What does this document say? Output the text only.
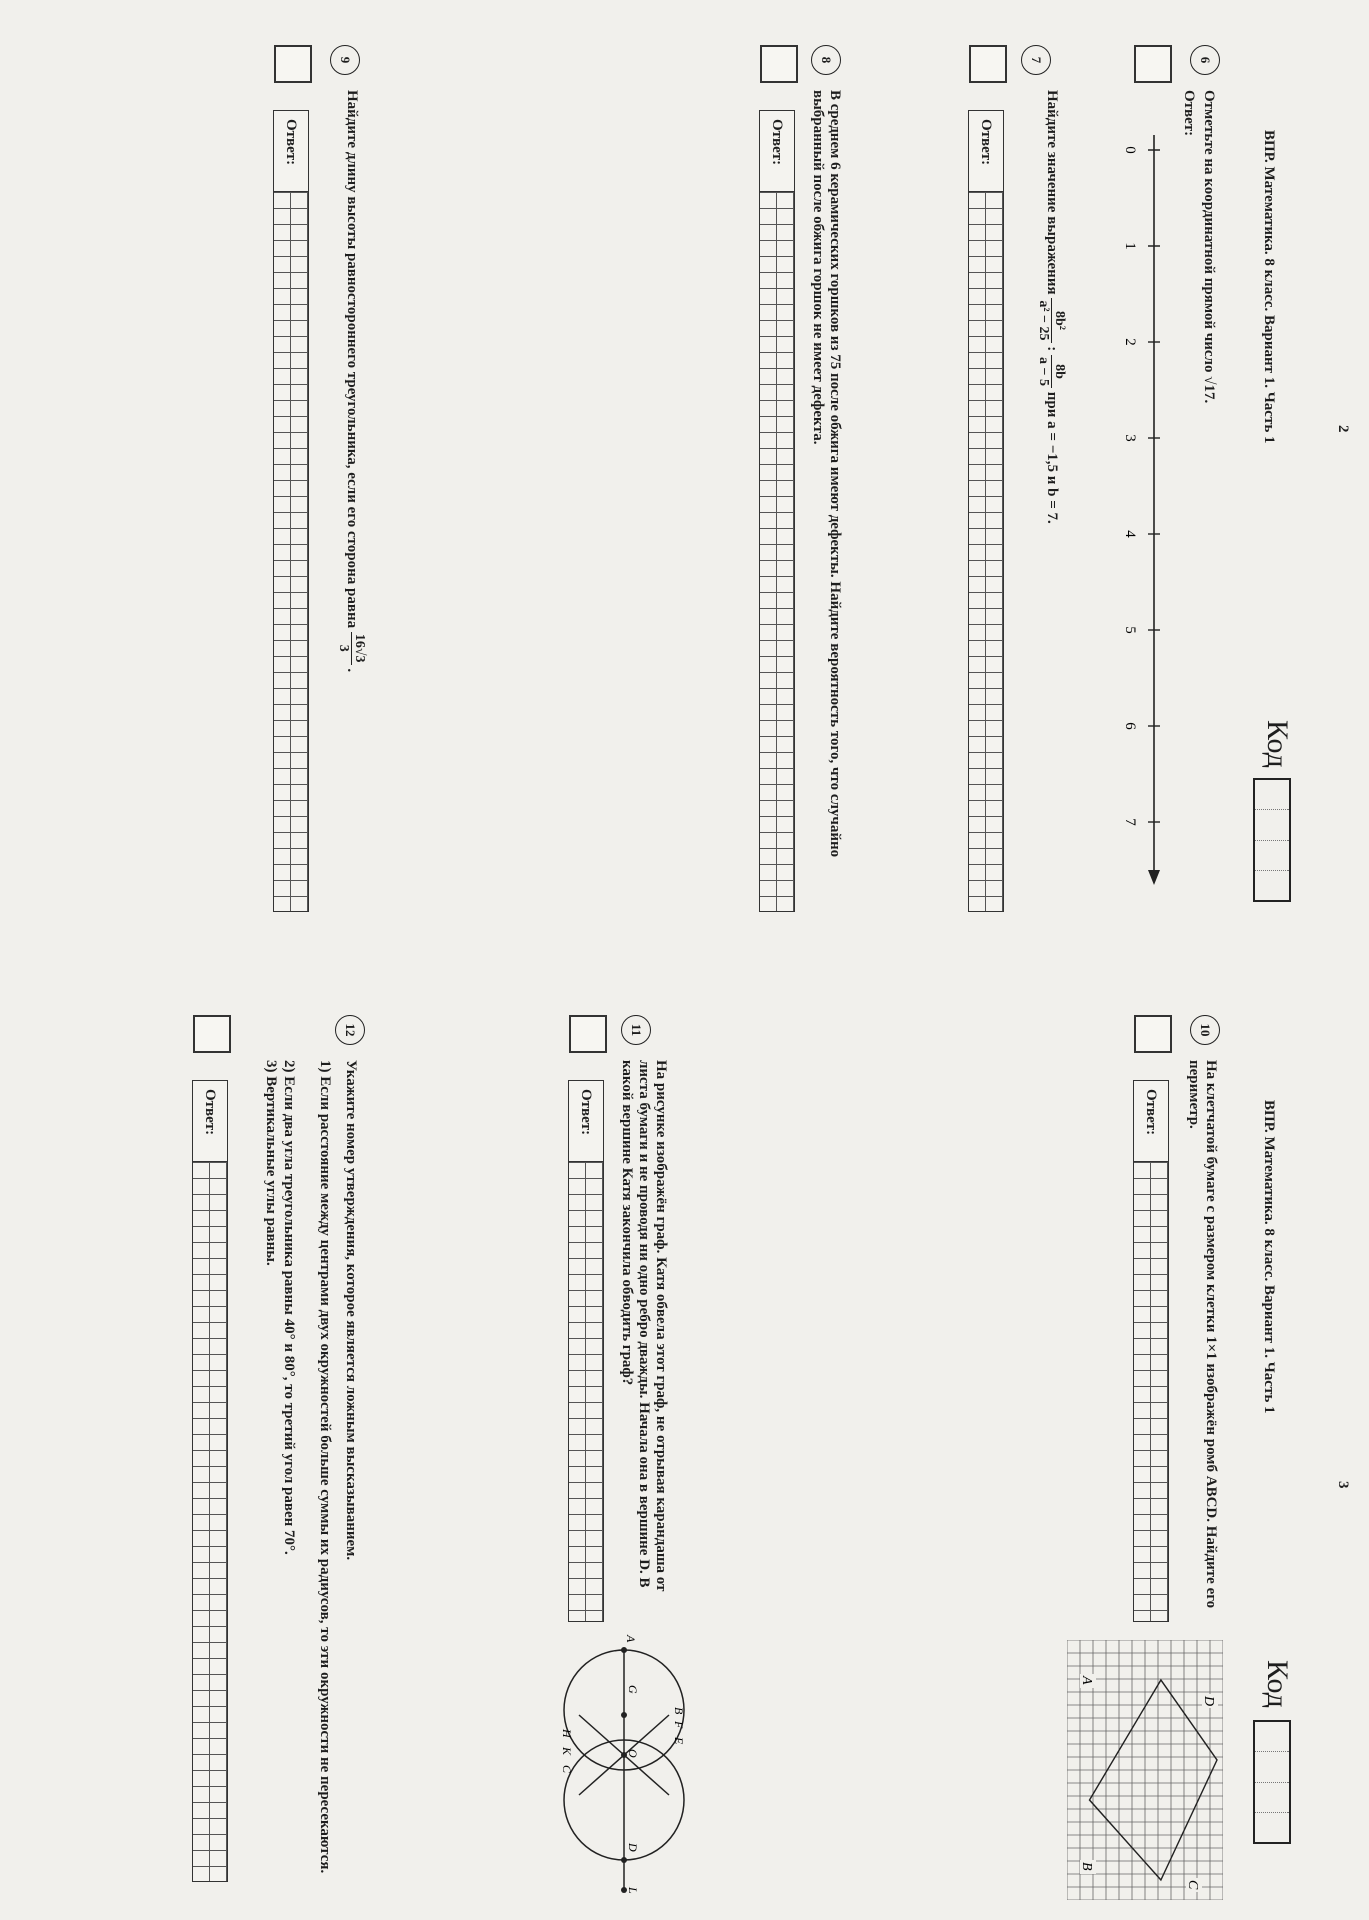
2
ВПР. Математика. 8 класс. Вариант 1. Часть 1
Код
6
Отметьте на координатной прямой число √17.
Ответ:
0
1
2
3
4
5
6
7
7
Найдите значение выражения
8b²
a² − 25
:
8b
a − 5
при a = −1,5 и b = 7.
Ответ:
8
В среднем 6 керамических горшков из 75 после обжига имеют дефекты. Найдите вероятность того, что случайно выбранный после обжига горшок не имеет дефекта.
Ответ:
9
Найдите длину высоты равностороннего треугольника, если его сторона равна
16√3
3
.
Ответ:
3
ВПР. Математика. 8 класс. Вариант 1. Часть 1
Код
10
На клетчатой бумаге с размером клетки 1×1 изображён ромб ABCD. Найдите его периметр.
Ответ:
A
B
C
D
11
На рисунке изображён граф. Катя обвела этот граф, не отрывая карандаша от листа бумаги и не проводя ни одно ребро дважды. Начала она в вершине D. В какой вершине Катя закончила обводить граф?
Ответ:
A
B
F
E
G
O
D
L
H
K
C
12
Укажите номер утверждения, которое является ложным высказыванием.
1) Если расстояние между центрами двух окружностей больше суммы их радиусов, то эти окружности не пересекаются.
2) Если два угла треугольника равны 40° и 80°, то третий угол равен 70°.
3) Вертикальные углы равны.
Ответ:
